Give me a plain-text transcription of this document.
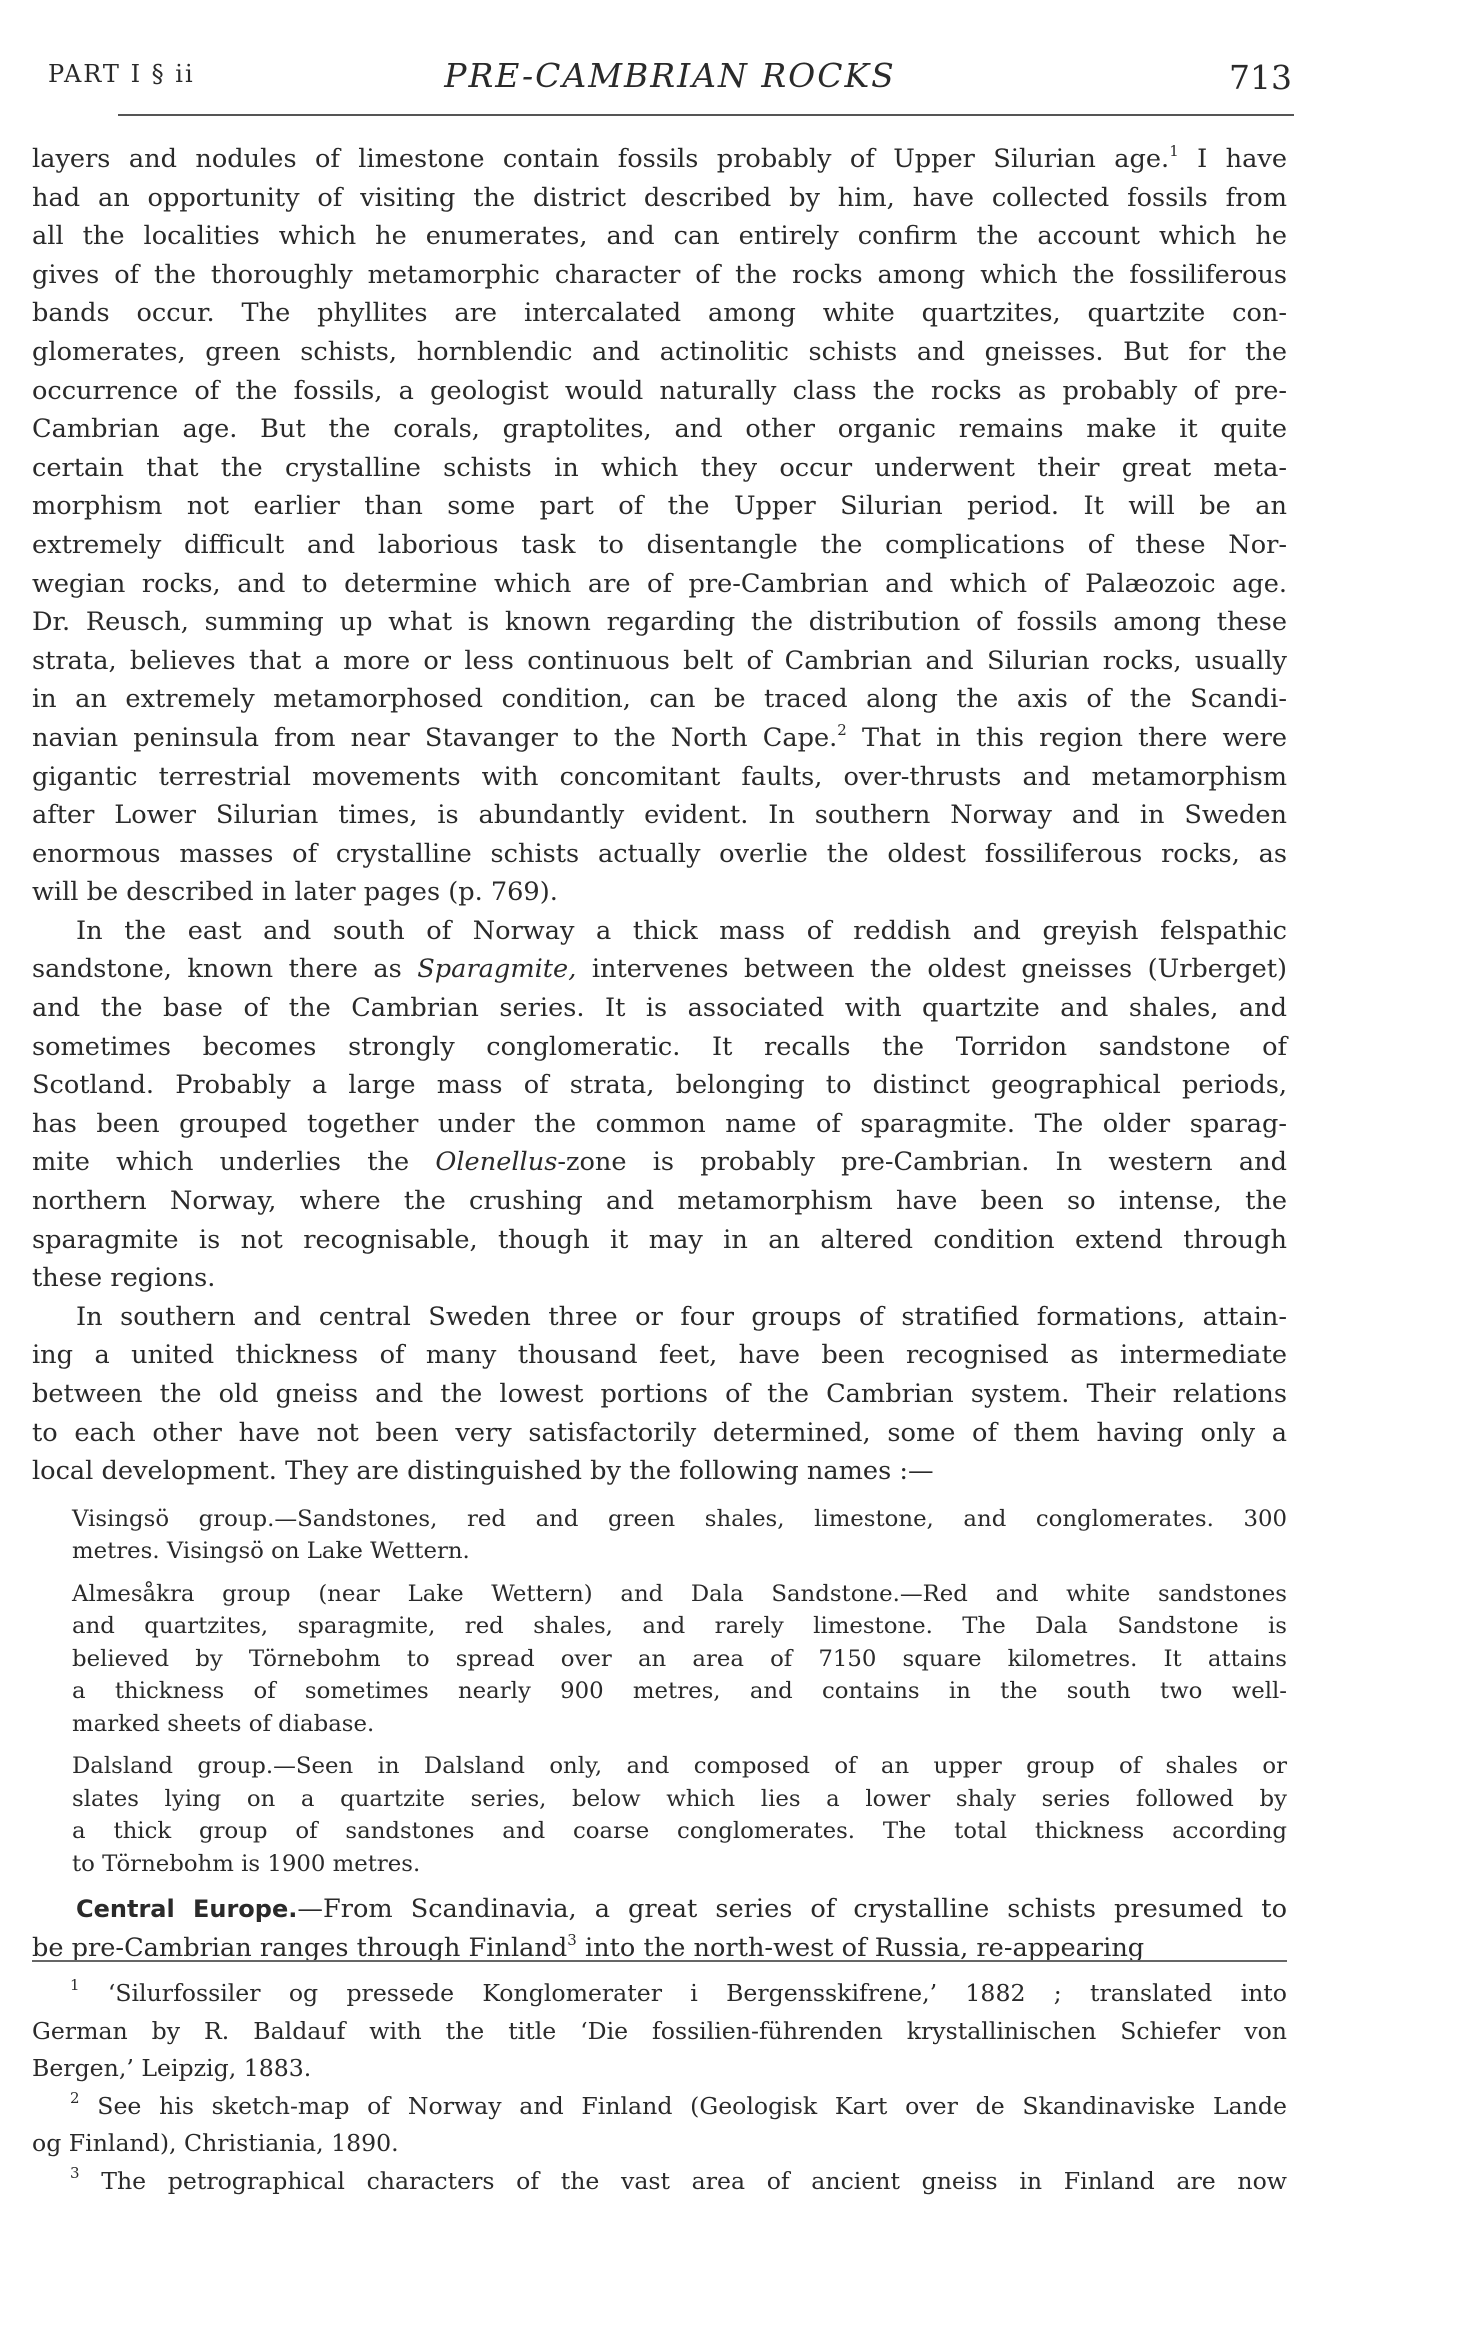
PART I § ii	PRE-CAMBRIAN ROCKS	713

layers and nodules of limestone contain fossils probably of Upper Silurian age.$^1$ I have

had an opportunity of visiting the district described by him, have collected fossils from

all the localities which he enumerates, and can entirely confirm the account which he

gives of the thoroughly metamorphic character of the rocks among which the fossiliferous

bands occur. The phyllites are intercalated among white quartzites, quartzite con-

glomerates, green schists, hornblendic and actinolitic schists and gneisses. But for the

occurrence of the fossils, a geologist would naturally class the rocks as probably of pre-

Cambrian age. But the corals, graptolites, and other organic remains make it quite

certain that the crystalline schists in which they occur underwent their great meta-

morphism not earlier than some part of the Upper Silurian period. It will be an

extremely difficult and laborious task to disentangle the complications of these Nor-

wegian rocks, and to determine which are of pre-Cambrian and which of Palæozoic age.

Dr. Reusch, summing up what is known regarding the distribution of fossils among these

strata, believes that a more or less continuous belt of Cambrian and Silurian rocks, usually

in an extremely metamorphosed condition, can be traced along the axis of the Scandi-

navian peninsula from near Stavanger to the North Cape.$^2$ That in this region there were

gigantic terrestrial movements with concomitant faults, over-thrusts and metamorphism

after Lower Silurian times, is abundantly evident. In southern Norway and in Sweden

enormous masses of crystalline schists actually overlie the oldest fossiliferous rocks, as

will be described in later pages (p. 769).

In the east and south of Norway a thick mass of reddish and greyish felspathic

sandstone, known there as Sparagmite, intervenes between the oldest gneisses (Urberget)

and the base of the Cambrian series. It is associated with quartzite and shales, and

sometimes becomes strongly conglomeratic. It recalls the Torridon sandstone of

Scotland. Probably a large mass of strata, belonging to distinct geographical periods,

has been grouped together under the common name of sparagmite. The older sparag-

mite which underlies the Olenellus-zone is probably pre-Cambrian. In western and

northern Norway, where the crushing and metamorphism have been so intense, the

sparagmite is not recognisable, though it may in an altered condition extend through

these regions.

In southern and central Sweden three or four groups of stratified formations, attain-

ing a united thickness of many thousand feet, have been recognised as intermediate

between the old gneiss and the lowest portions of the Cambrian system. Their relations

to each other have not been very satisfactorily determined, some of them having only a

local development. They are distinguished by the following names :—

Visingsö group.—Sandstones, red and green shales, limestone, and conglomerates. 300

metres. Visingsö on Lake Wettern.

Almesåkra group (near Lake Wettern) and Dala Sandstone.—Red and white sandstones

and quartzites, sparagmite, red shales, and rarely limestone. The Dala Sandstone is

believed by Törnebohm to spread over an area of 7150 square kilometres. It attains

a thickness of sometimes nearly 900 metres, and contains in the south two well-

marked sheets of diabase.

Dalsland group.—Seen in Dalsland only, and composed of an upper group of shales or

slates lying on a quartzite series, below which lies a lower shaly series followed by

a thick group of sandstones and coarse conglomerates. The total thickness according

to Törnebohm is 1900 metres.

Central Europe.—From Scandinavia, a great series of crystalline schists presumed to

be pre-Cambrian ranges through Finland$^3$ into the north-west of Russia, re-appearing

$^1$ ‘Silurfossiler og pressede Konglomerater i Bergensskifrene,’ 1882 ; translated into

German by R. Baldauf with the title ‘Die fossilien-führenden krystallinischen Schiefer von

Bergen,’ Leipzig, 1883.

$^2$ See his sketch-map of Norway and Finland (Geologisk Kart over de Skandinaviske Lande

og Finland), Christiania, 1890.

$^3$ The petrographical characters of the vast area of ancient gneiss in Finland are now
